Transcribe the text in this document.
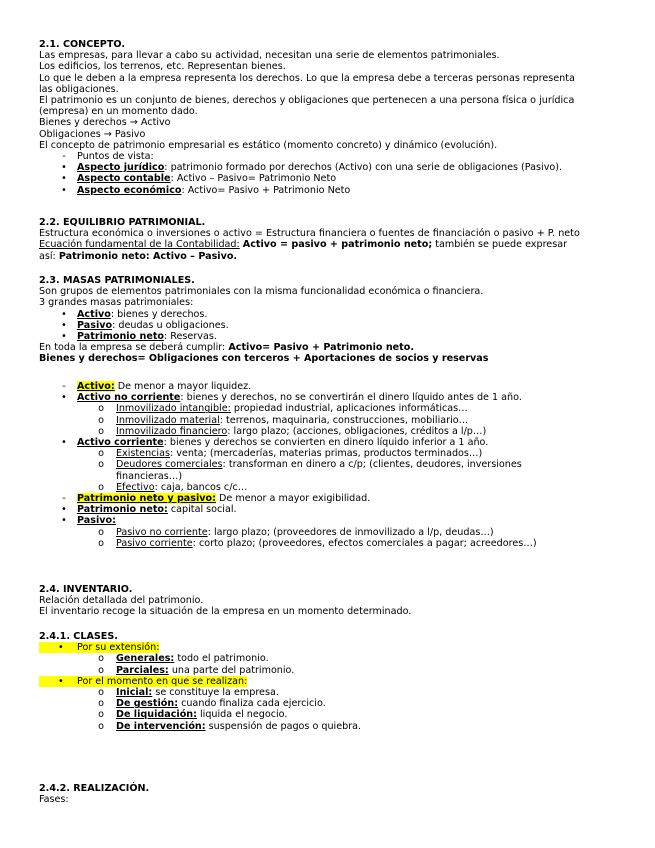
2.1. CONCEPTO.
Las empresas, para llevar a cabo su actividad, necesitan una serie de elementos patrimoniales.
Los edificios, los terrenos, etc. Representan bienes.
Lo que le deben a la empresa representa los derechos. Lo que la empresa debe a terceras personas representa
las obligaciones.
El patrimonio es un conjunto de bienes, derechos y obligaciones que pertenecen a una persona física o jurídica
(empresa) en un momento dado.
Bienes y derechos → Activo
Obligaciones → Pasivo
El concepto de patrimonio empresarial es estático (momento concreto) y dinámico (evolución).
-	Puntos de vista:
•	Aspecto jurídico: patrimonio formado por derechos (Activo) con una serie de obligaciones (Pasivo).
•	Aspecto contable: Activo – Pasivo= Patrimonio Neto
•	Aspecto económico: Activo= Pasivo + Patrimonio Neto
2.2. EQUILIBRIO PATRIMONIAL.
Estructura económica o inversiones o activo = Estructura financiera o fuentes de financiación o pasivo + P. neto
Ecuación fundamental de la Contabilidad: Activo = pasivo + patrimonio neto; también se puede expresar
así: Patrimonio neto: Activo – Pasivo.
2.3. MASAS PATRIMONIALES.
Son grupos de elementos patrimoniales con la misma funcionalidad económica o financiera.
3 grandes masas patrimoniales:
•	Activo: bienes y derechos.
•	Pasivo: deudas u obligaciones.
•	Patrimonio neto: Reservas.
En toda la empresa se deberá cumplir: Activo= Pasivo + Patrimonio neto.
Bienes y derechos= Obligaciones con terceros + Aportaciones de socios y reservas
-	Activo: De menor a mayor liquidez.
•	Activo no corriente: bienes y derechos, no se convertirán el dinero líquido antes de 1 año.
o	Inmovilizado intangible: propiedad industrial, aplicaciones informáticas…
o	Inmovilizado material: terrenos, maquinaria, construcciones, mobiliario…
o	Inmovilizado financiero: largo plazo; (acciones, obligaciones, créditos a l/p…)
•	Activo corriente: bienes y derechos se convierten en dinero líquido inferior a 1 año.
o	Existencias: venta; (mercaderías, materias primas, productos terminados…)
o	Deudores comerciales: transforman en dinero a c/p; (clientes, deudores, inversiones
financieras…)
o	Efectivo: caja, bancos c/c…
-	Patrimonio neto y pasivo: De menor a mayor exigibilidad.
•	Patrimonio neto: capital social.
•	Pasivo:
o	Pasivo no corriente: largo plazo; (proveedores de inmovilizado a l/p, deudas…)
o	Pasivo corriente: corto plazo; (proveedores, efectos comerciales a pagar; acreedores…)
2.4. INVENTARIO.
Relación detallada del patrimonio.
El inventario recoge la situación de la empresa en un momento determinado.
2.4.1. CLASES.
• Por su extensión:
o	Generales: todo el patrimonio.
o	Parciales: una parte del patrimonio.
• Por el momento en que se realizan:
o	Inicial: se constituye la empresa.
o	De gestión: cuando finaliza cada ejercicio.
o	De liquidación: liquida el negocio.
o	De intervención: suspensión de pagos o quiebra.
2.4.2. REALIZACIÓN.
Fases:
